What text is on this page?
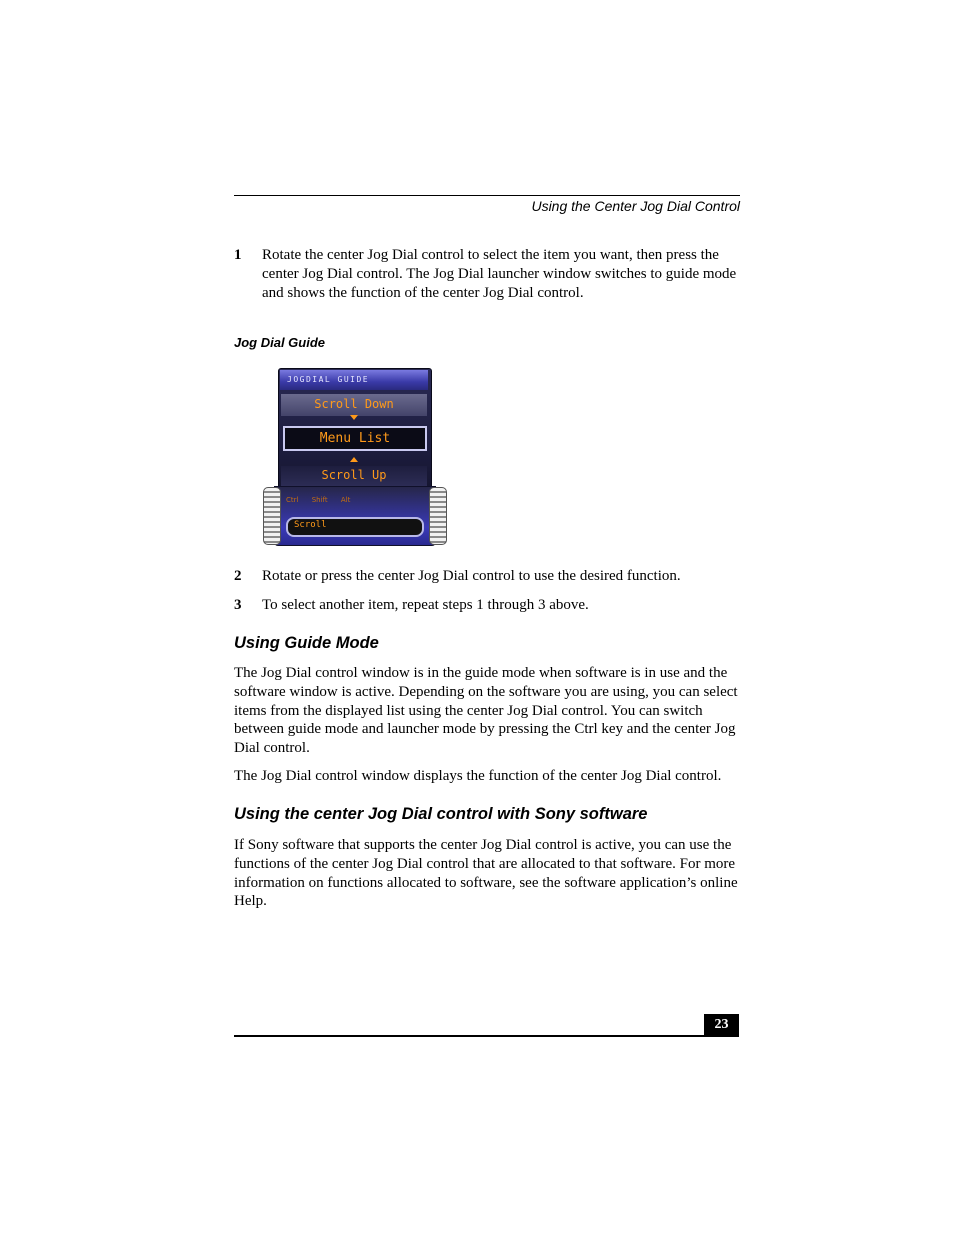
Using the Center Jog Dial Control
1 Rotate the center Jog Dial control to select the item you want, then press the center Jog Dial control. The Jog Dial launcher window switches to guide mode and shows the function of the center Jog Dial control.
Jog Dial Guide
JOGDIAL GUIDE
Scroll Down
Menu List
Scroll Up
Ctrl Shift Alt
Scroll
2 Rotate or press the center Jog Dial control to use the desired function.
3 To select another item, repeat steps 1 through 3 above.
Using Guide Mode
The Jog Dial control window is in the guide mode when software is in use and the software window is active. Depending on the software you are using, you can select items from the displayed list using the center Jog Dial control. You can switch between guide mode and launcher mode by pressing the Ctrl key and the center Jog Dial control.
The Jog Dial control window displays the function of the center Jog Dial control.
Using the center Jog Dial control with Sony software
If Sony software that supports the center Jog Dial control is active, you can use the functions of the center Jog Dial control that are allocated to that software. For more information on functions allocated to software, see the software application’s online Help.
23
